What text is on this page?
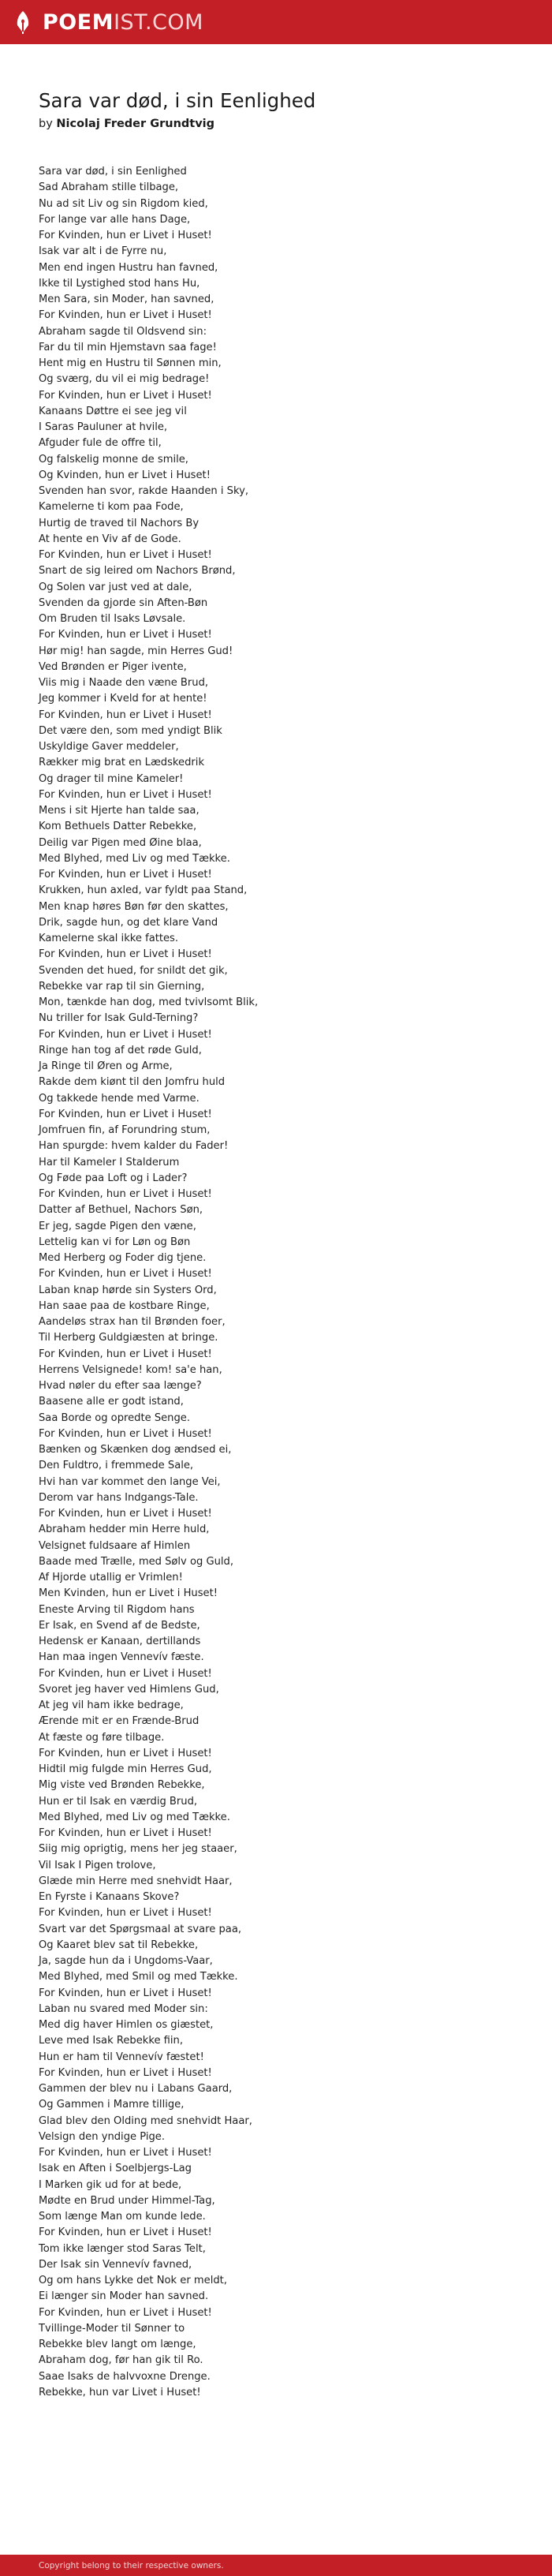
POEMIST.COM
Sara var død, i sin Eenlighed
by Nicolaj Freder Grundtvig
Sara var død, i sin Eenlighed
Sad Abraham stille tilbage,
Nu ad sit Liv og sin Rigdom kied,
For lange var alle hans Dage,
For Kvinden, hun er Livet i Huset!
Isak var alt i de Fyrre nu,
Men end ingen Hustru han favned,
Ikke til Lystighed stod hans Hu,
Men Sara, sin Moder, han savned,
For Kvinden, hun er Livet i Huset!
Abraham sagde til Oldsvend sin:
Far du til min Hjemstavn saa fage!
Hent mig en Hustru til Sønnen min,
Og sværg, du vil ei mig bedrage!
For Kvinden, hun er Livet i Huset!
Kanaans Døttre ei see jeg vil
I Saras Pauluner at hvile,
Afguder fule de offre til,
Og falskelig monne de smile,
Og Kvinden, hun er Livet i Huset!
Svenden han svor, rakde Haanden i Sky,
Kamelerne ti kom paa Fode,
Hurtig de traved til Nachors By
At hente en Viv af de Gode.
For Kvinden, hun er Livet i Huset!
Snart de sig leired om Nachors Brønd,
Og Solen var just ved at dale,
Svenden da gjorde sin Aften-Bøn
Om Bruden til Isaks Løvsale.
For Kvinden, hun er Livet i Huset!
Hør mig! han sagde, min Herres Gud!
Ved Brønden er Piger ivente,
Viis mig i Naade den væne Brud,
Jeg kommer i Kveld for at hente!
For Kvinden, hun er Livet i Huset!
Det være den, som med yndigt Blik
Uskyldige Gaver meddeler,
Rækker mig brat en Lædskedrik
Og drager til mine Kameler!
For Kvinden, hun er Livet i Huset!
Mens i sit Hjerte han talde saa,
Kom Bethuels Datter Rebekke,
Deilig var Pigen med Øine blaa,
Med Blyhed, med Liv og med Tække.
For Kvinden, hun er Livet i Huset!
Krukken, hun axled, var fyldt paa Stand,
Men knap høres Bøn før den skattes,
Drik, sagde hun, og det klare Vand
Kamelerne skal ikke fattes.
For Kvinden, hun er Livet i Huset!
Svenden det hued, for snildt det gik,
Rebekke var rap til sin Gierning,
Mon, tænkde han dog, med tvivlsomt Blik,
Nu triller for Isak Guld-Terning?
For Kvinden, hun er Livet i Huset!
Ringe han tog af det røde Guld,
Ja Ringe til Øren og Arme,
Rakde dem kiønt til den Jomfru huld
Og takkede hende med Varme.
For Kvinden, hun er Livet i Huset!
Jomfruen fin, af Forundring stum,
Han spurgde: hvem kalder du Fader!
Har til Kameler I Stalderum
Og Føde paa Loft og i Lader?
For Kvinden, hun er Livet i Huset!
Datter af Bethuel, Nachors Søn,
Er jeg, sagde Pigen den væne,
Lettelig kan vi for Løn og Bøn
Med Herberg og Foder dig tjene.
For Kvinden, hun er Livet i Huset!
Laban knap hørde sin Systers Ord,
Han saae paa de kostbare Ringe,
Aandeløs strax han til Brønden foer,
Til Herberg Guldgiæsten at bringe.
For Kvinden, hun er Livet i Huset!
Herrens Velsignede! kom! sa'e han,
Hvad nøler du efter saa længe?
Baasene alle er godt istand,
Saa Borde og opredte Senge.
For Kvinden, hun er Livet i Huset!
Bænken og Skænken dog ændsed ei,
Den Fuldtro, i fremmede Sale,
Hvi han var kommet den lange Vei,
Derom var hans Indgangs-Tale.
For Kvinden, hun er Livet i Huset!
Abraham hedder min Herre huld,
Velsignet fuldsaare af Himlen
Baade med Trælle, med Sølv og Guld,
Af Hjorde utallig er Vrimlen!
Men Kvinden, hun er Livet i Huset!
Eneste Arving til Rigdom hans
Er Isak, en Svend af de Bedste,
Hedensk er Kanaan, dertillands
Han maa ingen Vennevív fæste.
For Kvinden, hun er Livet i Huset!
Svoret jeg haver ved Himlens Gud,
At jeg vil ham ikke bedrage,
Ærende mit er en Frænde-Brud
At fæste og føre tilbage.
For Kvinden, hun er Livet i Huset!
Hidtil mig fulgde min Herres Gud,
Mig viste ved Brønden Rebekke,
Hun er til Isak en værdig Brud,
Med Blyhed, med Liv og med Tække.
For Kvinden, hun er Livet i Huset!
Siig mig oprigtig, mens her jeg staaer,
Vil Isak I Pigen trolove,
Glæde min Herre med snehvidt Haar,
En Fyrste i Kanaans Skove?
For Kvinden, hun er Livet i Huset!
Svart var det Spørgsmaal at svare paa,
Og Kaaret blev sat til Rebekke,
Ja, sagde hun da i Ungdoms-Vaar,
Med Blyhed, med Smil og med Tække.
For Kvinden, hun er Livet i Huset!
Laban nu svared med Moder sin:
Med dig haver Himlen os giæstet,
Leve med Isak Rebekke fiin,
Hun er ham til Vennevív fæstet!
For Kvinden, hun er Livet i Huset!
Gammen der blev nu i Labans Gaard,
Og Gammen i Mamre tillige,
Glad blev den Olding med snehvidt Haar,
Velsign den yndige Pige.
For Kvinden, hun er Livet i Huset!
Isak en Aften i Soelbjergs-Lag
I Marken gik ud for at bede,
Mødte en Brud under Himmel-Tag,
Som længe Man om kunde lede.
For Kvinden, hun er Livet i Huset!
Tom ikke længer stod Saras Telt,
Der Isak sin Vennevív favned,
Og om hans Lykke det Nok er meldt,
Ei længer sin Moder han savned.
For Kvinden, hun er Livet i Huset!
Tvillinge-Moder til Sønner to
Rebekke blev langt om længe,
Abraham dog, før han gik til Ro.
Saae Isaks de halvvoxne Drenge.
Rebekke, hun var Livet i Huset!
Copyright belong to their respective owners.
